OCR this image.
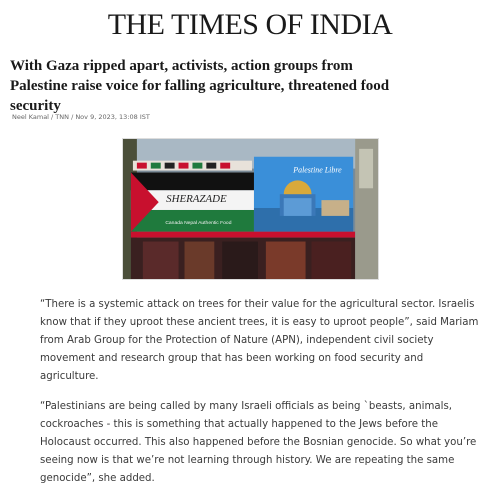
THE TIMES OF INDIA
With Gaza ripped apart, activists, action groups from Palestine raise voice for falling agriculture, threatened food security
Neel Kamal / TNN / Nov 9, 2023, 13:08 IST
SHERAZADE
Canada Nepal Authentic Food
Palestine Libre

“There is a systemic attack on trees for their value for the agricultural sector. Israelis know that if they uproot these ancient trees, it is easy to uproot people”, said Mariam from Arab Group for the Protection of Nature (APN), independent civil society movement and research group that has been working on food security and agriculture.

“Palestinians are being called by many Israeli officials as being `beasts, animals, cockroaches - this is something that actually happened to the Jews before the Holocaust occurred. This also happened before the Bosnian genocide. So what you’re seeing now is that we’re not learning through history. We are repeating the same genocide”, she added.
